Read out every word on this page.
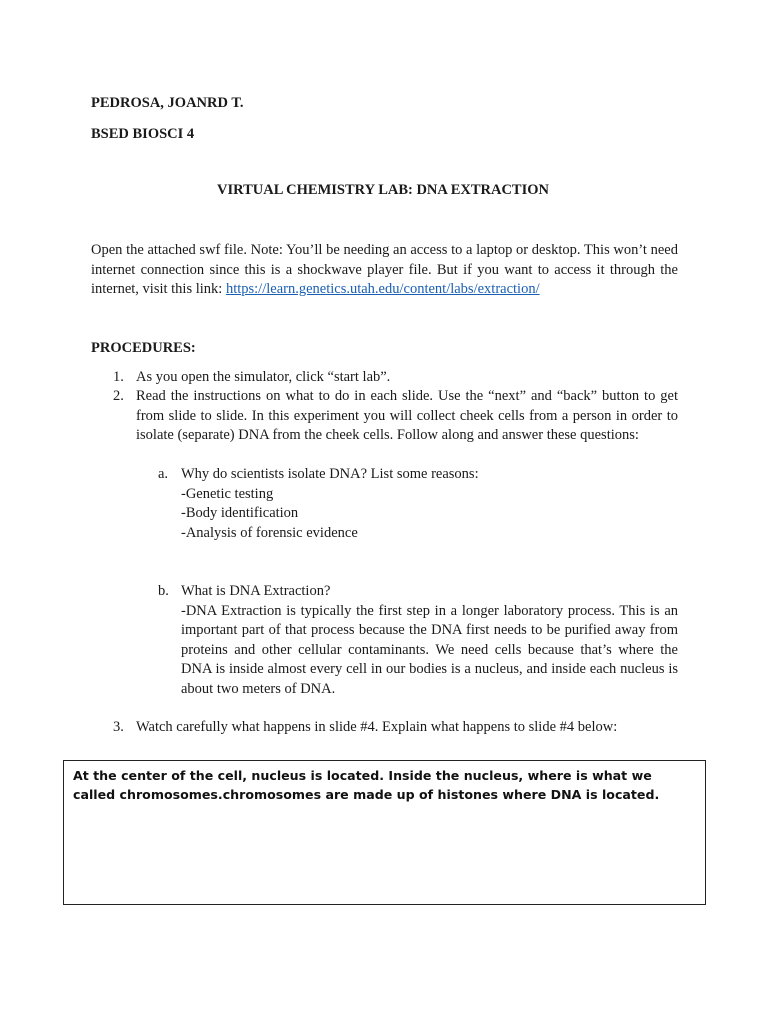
PEDROSA, JOANRD T.
BSED BIOSCI 4
VIRTUAL CHEMISTRY LAB: DNA EXTRACTION
Open the attached swf file. Note: You’ll be needing an access to a laptop or desktop. This won’t need internet connection since this is a shockwave player file. But if you want to access it through the internet, visit this link: https://learn.genetics.utah.edu/content/labs/extraction/
PROCEDURES:
1. As you open the simulator, click “start lab”.
2. Read the instructions on what to do in each slide. Use the “next” and “back” button to get from slide to slide. In this experiment you will collect cheek cells from a person in order to isolate (separate) DNA from the cheek cells. Follow along and answer these questions:
a. Why do scientists isolate DNA? List some reasons:
-Genetic testing
-Body identification
-Analysis of forensic evidence
b. What is DNA Extraction?
-DNA Extraction is typically the first step in a longer laboratory process. This is an important part of that process because the DNA first needs to be purified away from proteins and other cellular contaminants. We need cells because that’s where the DNA is inside almost every cell in our bodies is a nucleus, and inside each nucleus is about two meters of DNA.
3. Watch carefully what happens in slide #4. Explain what happens to slide #4 below:
At the center of the cell, nucleus is located. Inside the nucleus, where is what we called chromosomes.chromosomes are made up of histones where DNA is located.
